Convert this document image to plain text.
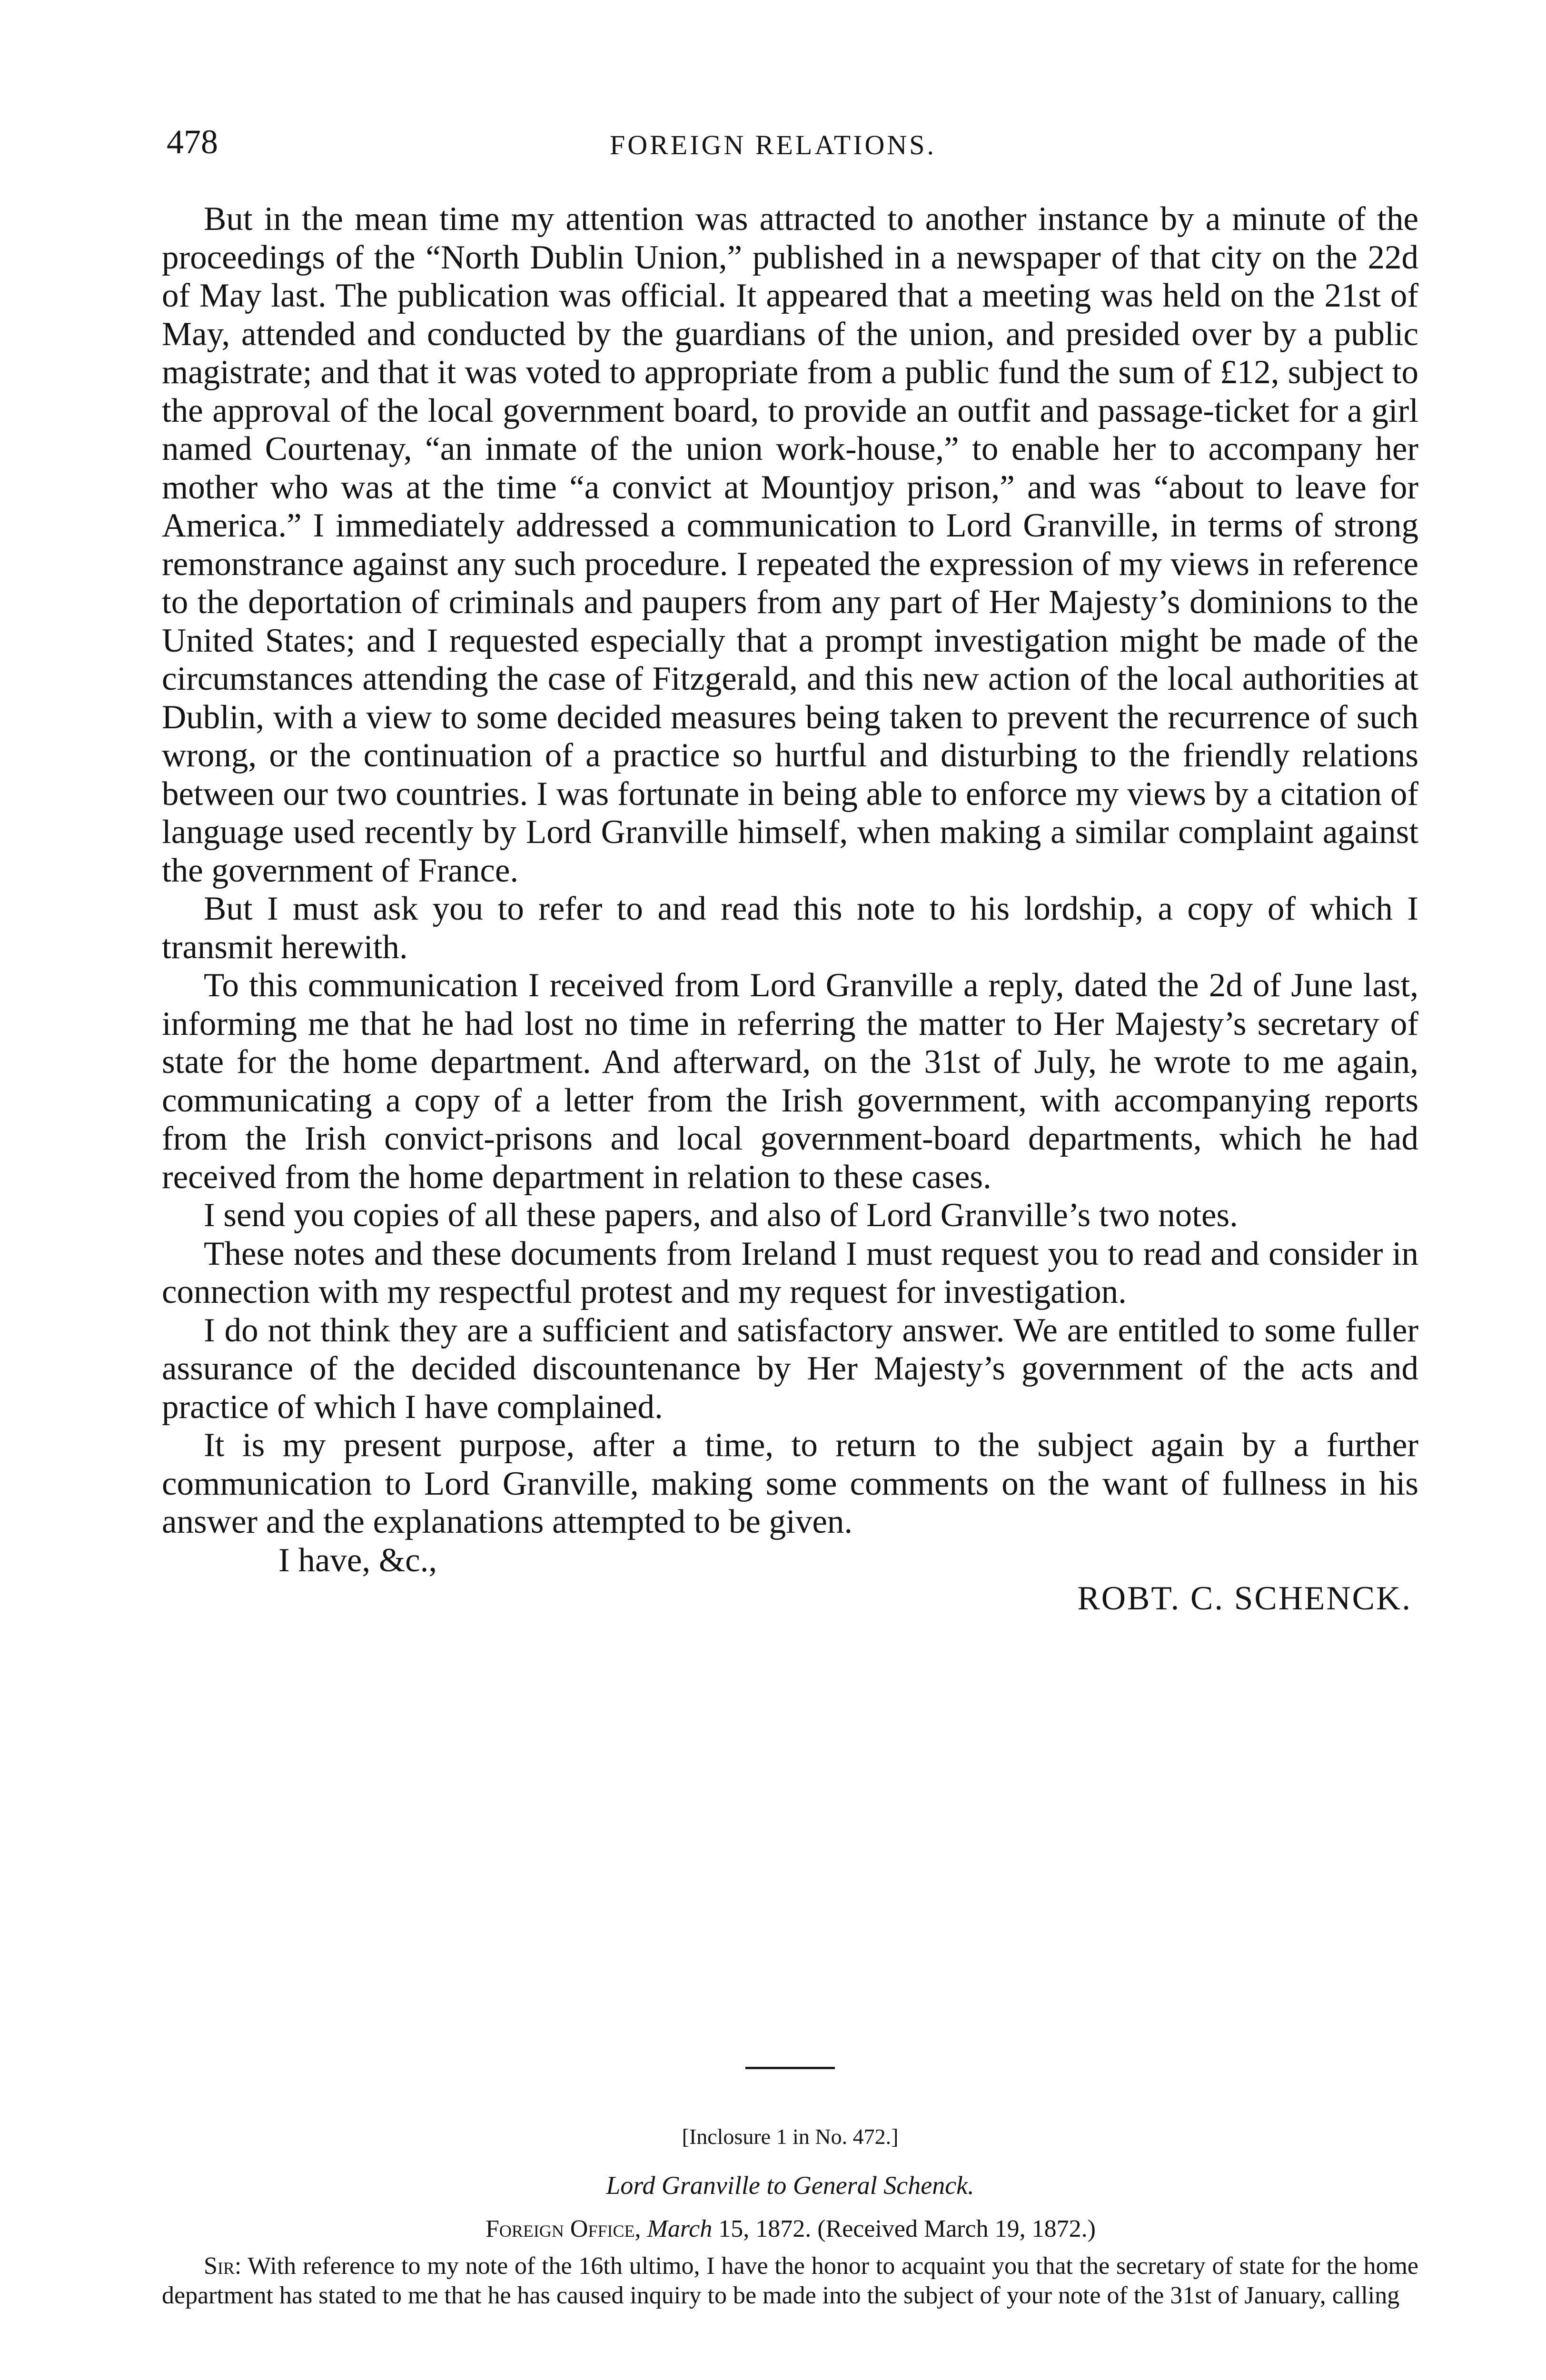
478	FOREIGN RELATIONS.

But in the mean time my attention was attracted to another instance by a minute of the proceedings of the “North Dublin Union,” published in a newspaper of that city on the 22d of May last. The publication was official. It appeared that a meeting was held on the 21st of May, attended and conducted by the guardians of the union, and presided over by a public magistrate; and that it was voted to appropriate from a public fund the sum of £12, subject to the approval of the local government board, to provide an outfit and passage-ticket for a girl named Courtenay, “an inmate of the union work-house,” to enable her to accompany her mother who was at the time “a convict at Mountjoy prison,” and was “about to leave for America.” I immediately addressed a communication to Lord Granville, in terms of strong remonstrance against any such procedure. I repeated the expression of my views in reference to the deportation of criminals and paupers from any part of Her Majesty’s dominions to the United States; and I requested especially that a prompt investigation might be made of the circumstances attending the case of Fitzgerald, and this new action of the local authorities at Dublin, with a view to some decided measures being taken to prevent the recurrence of such wrong, or the continuation of a practice so hurtful and disturbing to the friendly relations between our two countries. I was fortunate in being able to enforce my views by a citation of language used recently by Lord Granville himself, when making a similar complaint against the government of France.

But I must ask you to refer to and read this note to his lordship, a copy of which I transmit herewith.

To this communication I received from Lord Granville a reply, dated the 2d of June last, informing me that he had lost no time in referring the matter to Her Majesty’s secretary of state for the home department. And afterward, on the 31st of July, he wrote to me again, communicating a copy of a letter from the Irish government, with accompanying reports from the Irish convict-prisons and local government-board departments, which he had received from the home department in relation to these cases.

I send you copies of all these papers, and also of Lord Granville’s two notes.

These notes and these documents from Ireland I must request you to read and consider in connection with my respectful protest and my request for investigation.

I do not think they are a sufficient and satisfactory answer. We are entitled to some fuller assurance of the decided discountenance by Her Majesty’s government of the acts and practice of which I have complained.

It is my present purpose, after a time, to return to the subject again by a further communication to Lord Granville, making some comments on the want of fullness in his answer and the explanations attempted to be given.

I have, &c.,

ROBT. C. SCHENCK.

[Inclosure 1 in No. 472.]

Lord Granville to General Schenck.

Foreign Office, March 15, 1872. (Received March 19, 1872.)

Sir: With reference to my note of the 16th ultimo, I have the honor to acquaint you that the secretary of state for the home department has stated to me that he has caused inquiry to be made into the subject of your note of the 31st of January, calling
